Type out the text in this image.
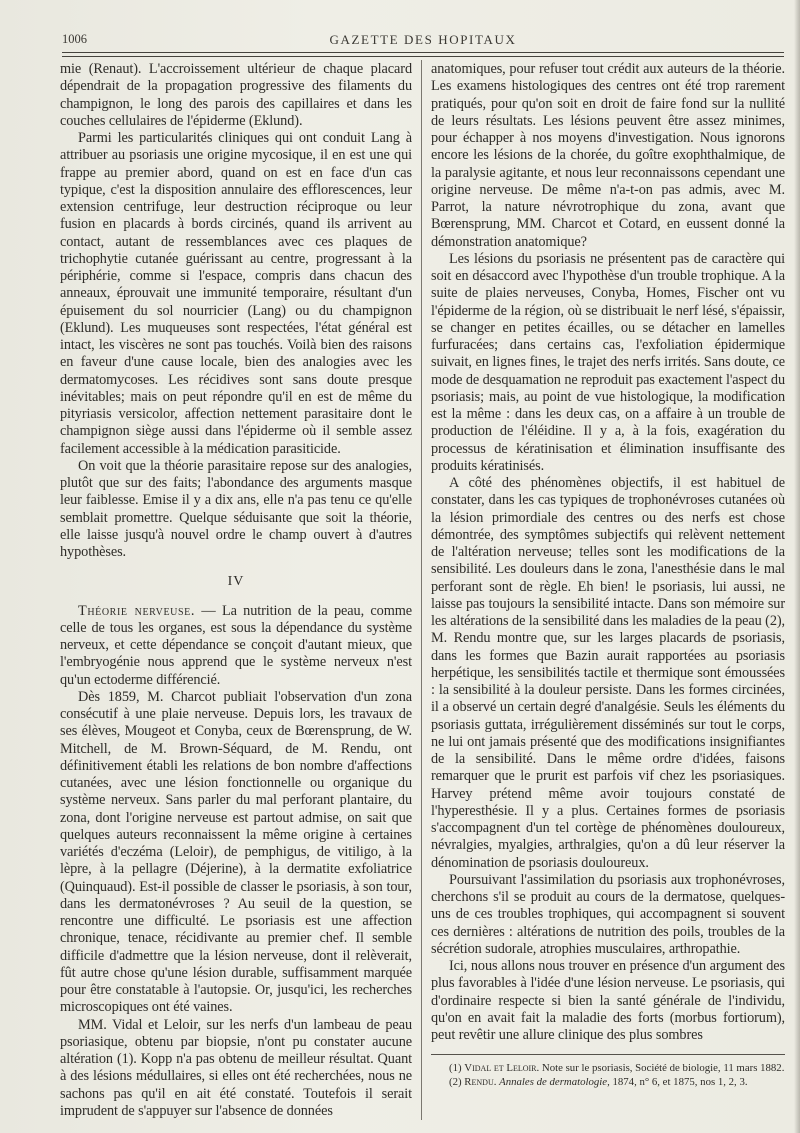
1006	GAZETTE DES HOPITAUX

mie (Renaut). L'accroissement ultérieur de chaque placard dépendrait de la propagation progressive des filaments du champignon, le long des parois des capillaires et dans les couches cellulaires de l'épiderme (Eklund).

Parmi les particularités cliniques qui ont conduit Lang à attribuer au psoriasis une origine mycosique, il en est une qui frappe au premier abord, quand on est en face d'un cas typique, c'est la disposition annulaire des efflorescences, leur extension centrifuge, leur destruction réciproque ou leur fusion en placards à bords circinés, quand ils arrivent au contact, autant de ressemblances avec ces plaques de trichophytie cutanée guérissant au centre, progressant à la périphérie, comme si l'espace, compris dans chacun des anneaux, éprouvait une immunité temporaire, résultant d'un épuisement du sol nourricier (Lang) ou du champignon (Eklund). Les muqueuses sont respectées, l'état général est intact, les viscères ne sont pas touchés. Voilà bien des raisons en faveur d'une cause locale, bien des analogies avec les dermatomycoses. Les récidives sont sans doute presque inévitables; mais on peut répondre qu'il en est de même du pityriasis versicolor, affection nettement parasitaire dont le champignon siège aussi dans l'épiderme où il semble assez facilement accessible à la médication parasiticide.

On voit que la théorie parasitaire repose sur des analogies, plutôt que sur des faits; l'abondance des arguments masque leur faiblesse. Emise il y a dix ans, elle n'a pas tenu ce qu'elle semblait promettre. Quelque séduisante que soit la théorie, elle laisse jusqu'à nouvel ordre le champ ouvert à d'autres hypothèses.

IV

Théorie nerveuse. — La nutrition de la peau, comme celle de tous les organes, est sous la dépendance du système nerveux, et cette dépendance se conçoit d'autant mieux, que l'embryogénie nous apprend que le système nerveux n'est qu'un ectoderme différencié.

Dès 1859, M. Charcot publiait l'observation d'un zona consécutif à une plaie nerveuse. Depuis lors, les travaux de ses élèves, Mougeot et Conyba, ceux de Bœrensprung, de W. Mitchell, de M. Brown-Séquard, de M. Rendu, ont définitivement établi les relations de bon nombre d'affections cutanées, avec une lésion fonctionnelle ou organique du système nerveux. Sans parler du mal perforant plantaire, du zona, dont l'origine nerveuse est partout admise, on sait que quelques auteurs reconnaissent la même origine à certaines variétés d'eczéma (Leloir), de pemphigus, de vitiligo, à la lèpre, à la pellagre (Déjerine), à la dermatite exfoliatrice (Quinquaud). Est-il possible de classer le psoriasis, à son tour, dans les dermatonévroses ? Au seuil de la question, se rencontre une difficulté. Le psoriasis est une affection chronique, tenace, récidivante au premier chef. Il semble difficile d'admettre que la lésion nerveuse, dont il relèverait, fût autre chose qu'une lésion durable, suffisamment marquée pour être constatable à l'autopsie. Or, jusqu'ici, les recherches microscopiques ont été vaines.

MM. Vidal et Leloir, sur les nerfs d'un lambeau de peau psoriasique, obtenu par biopsie, n'ont pu constater aucune altération (1). Kopp n'a pas obtenu de meilleur résultat. Quant à des lésions médullaires, si elles ont été recherchées, nous ne sachons pas qu'il en ait été constaté. Toutefois il serait imprudent de s'appuyer sur l'absence de données

anatomiques, pour refuser tout crédit aux auteurs de la théorie. Les examens histologiques des centres ont été trop rarement pratiqués, pour qu'on soit en droit de faire fond sur la nullité de leurs résultats. Les lésions peuvent être assez minimes, pour échapper à nos moyens d'investigation. Nous ignorons encore les lésions de la chorée, du goître exophthalmique, de la paralysie agitante, et nous leur reconnaissons cependant une origine nerveuse. De même n'a-t-on pas admis, avec M. Parrot, la nature névrotrophique du zona, avant que Bœrensprung, MM. Charcot et Cotard, en eussent donné la démonstration anatomique?

Les lésions du psoriasis ne présentent pas de caractère qui soit en désaccord avec l'hypothèse d'un trouble trophique. A la suite de plaies nerveuses, Conyba, Homes, Fischer ont vu l'épiderme de la région, où se distribuait le nerf lésé, s'épaissir, se changer en petites écailles, ou se détacher en lamelles furfuracées; dans certains cas, l'exfoliation épidermique suivait, en lignes fines, le trajet des nerfs irrités. Sans doute, ce mode de desquamation ne reproduit pas exactement l'aspect du psoriasis; mais, au point de vue histologique, la modification est la même : dans les deux cas, on a affaire à un trouble de production de l'éléidine. Il y a, à la fois, exagération du processus de kératinisation et élimination insuffisante des produits kératinisés.

A côté des phénomènes objectifs, il est habituel de constater, dans les cas typiques de trophonévroses cutanées où la lésion primordiale des centres ou des nerfs est chose démontrée, des symptômes subjectifs qui relèvent nettement de l'altération nerveuse; telles sont les modifications de la sensibilité. Les douleurs dans le zona, l'anesthésie dans le mal perforant sont de règle. Eh bien! le psoriasis, lui aussi, ne laisse pas toujours la sensibilité intacte. Dans son mémoire sur les altérations de la sensibilité dans les maladies de la peau (2), M. Rendu montre que, sur les larges placards de psoriasis, dans les formes que Bazin aurait rapportées au psoriasis herpétique, les sensibilités tactile et thermique sont émoussées : la sensibilité à la douleur persiste. Dans les formes circinées, il a observé un certain degré d'analgésie. Seuls les éléments du psoriasis guttata, irrégulièrement disséminés sur tout le corps, ne lui ont jamais présenté que des modifications insignifiantes de la sensibilité. Dans le même ordre d'idées, faisons remarquer que le prurit est parfois vif chez les psoriasiques. Harvey prétend même avoir toujours constaté de l'hyperesthésie. Il y a plus. Certaines formes de psoriasis s'accompagnent d'un tel cortège de phénomènes douloureux, névralgies, myalgies, arthralgies, qu'on a dû leur réserver la dénomination de psoriasis douloureux.

Poursuivant l'assimilation du psoriasis aux trophonévroses, cherchons s'il se produit au cours de la dermatose, quelques-uns de ces troubles trophiques, qui accompagnent si souvent ces dernières : altérations de nutrition des poils, troubles de la sécrétion sudorale, atrophies musculaires, arthropathie.

Ici, nous allons nous trouver en présence d'un argument des plus favorables à l'idée d'une lésion nerveuse. Le psoriasis, qui d'ordinaire respecte si bien la santé générale de l'individu, qu'on en avait fait la maladie des forts (morbus fortiorum), peut revêtir une allure clinique des plus sombres

(1) Vidal et Leloir. Note sur le psoriasis, Société de biologie, 11 mars 1882.

(2) Rendu. Annales de dermatologie, 1874, n° 6, et 1875, nos 1, 2, 3.
